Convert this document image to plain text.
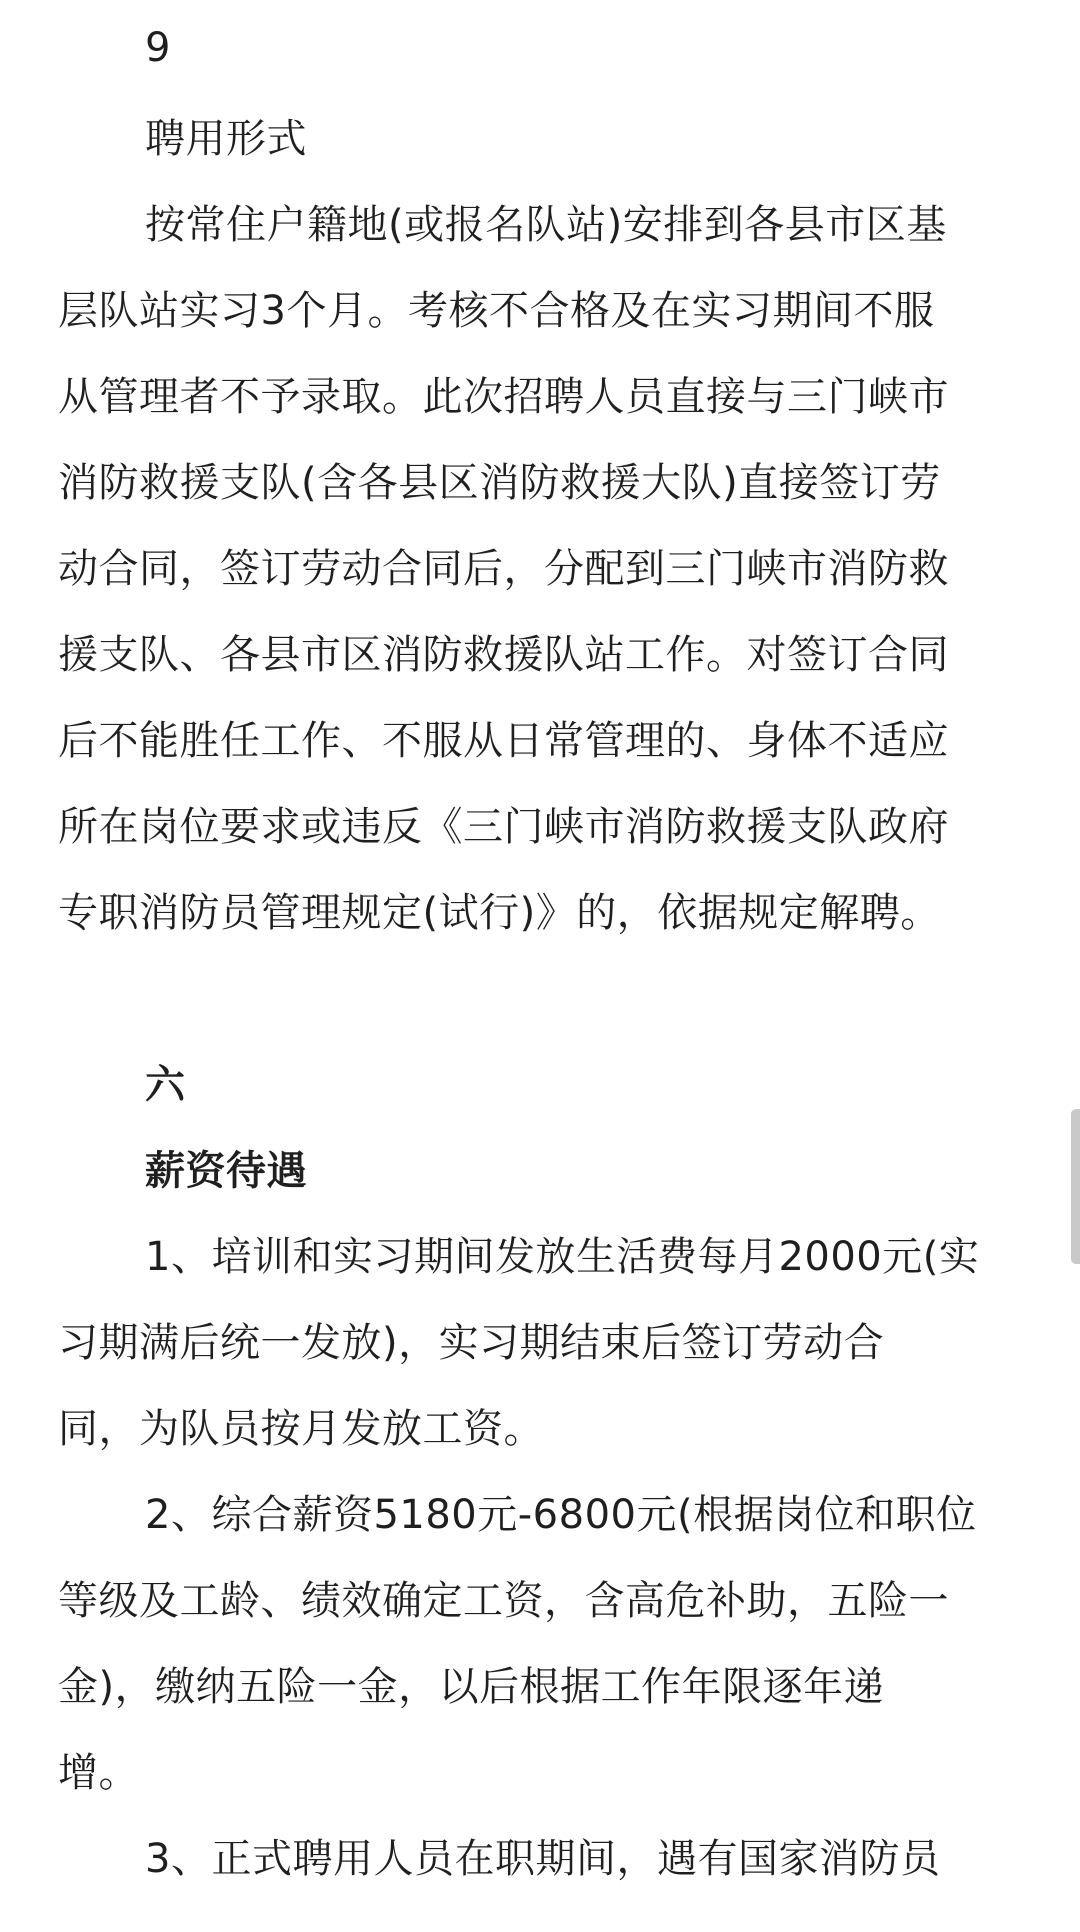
9
聘用形式
按常住户籍地(或报名队站)安排到各县市区基
层队站实习3个月。考核不合格及在实习期间不服
从管理者不予录取。此次招聘人员直接与三门峡市
消防救援支队(含各县区消防救援大队)直接签订劳
动合同，签订劳动合同后，分配到三门峡市消防救
援支队、各县市区消防救援队站工作。对签订合同
后不能胜任工作、不服从日常管理的、身体不适应
所在岗位要求或违反《三门峡市消防救援支队政府
专职消防员管理规定(试行)》的，依据规定解聘。
六
薪资待遇
1、培训和实习期间发放生活费每月2000元(实
习期满后统一发放)，实习期结束后签订劳动合
同，为队员按月发放工资。
2、综合薪资5180元-6800元(根据岗位和职位
等级及工龄、绩效确定工资，含高危补助，五险一
金)，缴纳五险一金，以后根据工作年限逐年递
增。
3、正式聘用人员在职期间，遇有国家消防员
